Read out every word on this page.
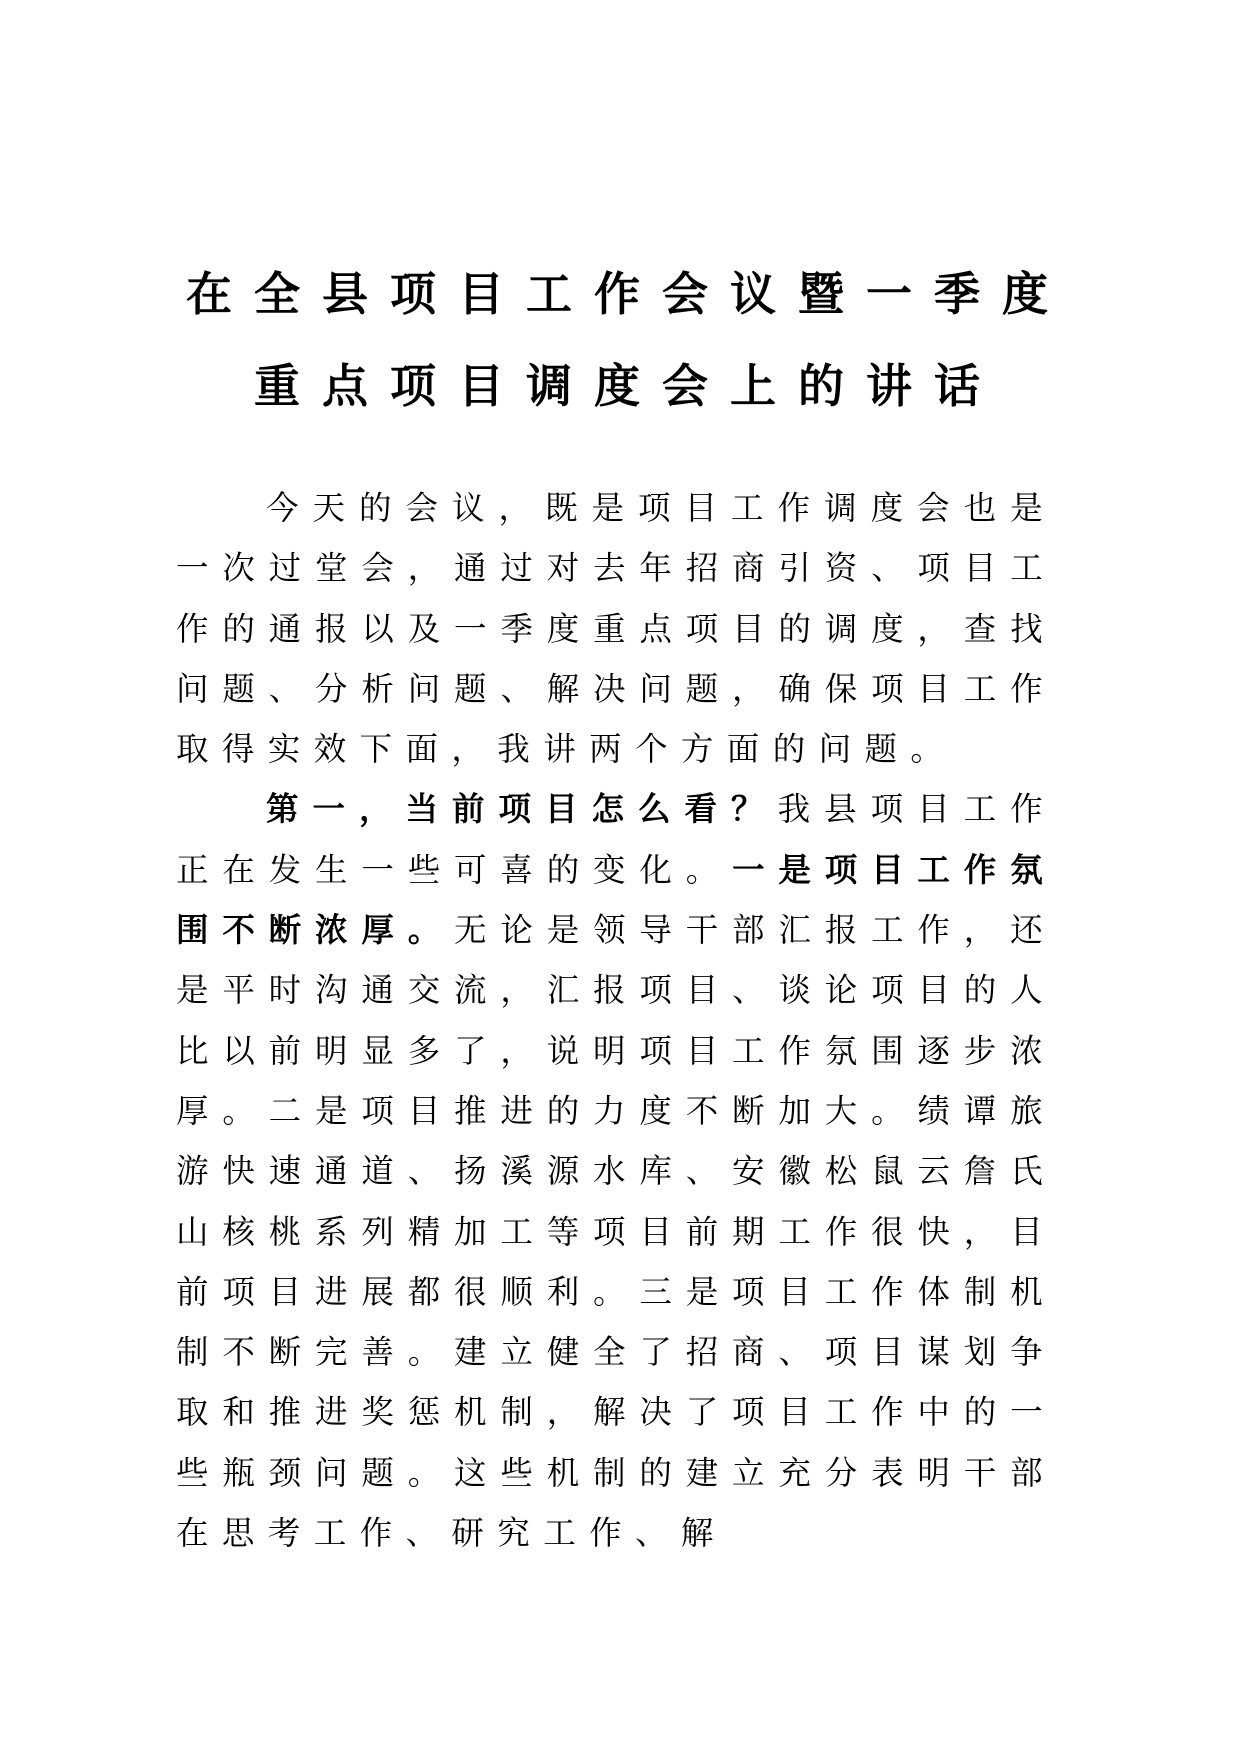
在全县项目工作会议暨一季度
重点项目调度会上的讲话

今天的会议，既是项目工作调度会也是一次过堂会，通过对去年招商引资、项目工作的通报以及一季度重点项目的调度，查找问题、分析问题、解决问题，确保项目工作取得实效下面，我讲两个方面的问题。

第一，当前项目怎么看？我县项目工作正在发生一些可喜的变化。一是项目工作氛围不断浓厚。无论是领导干部汇报工作，还是平时沟通交流，汇报项目、谈论项目的人比以前明显多了，说明项目工作氛围逐步浓厚。二是项目推进的力度不断加大。绩谭旅游快速通道、扬溪源水库、安徽松鼠云詹氏山核桃系列精加工等项目前期工作很快，目前项目进展都很顺利。三是项目工作体制机制不断完善。建立健全了招商、项目谋划争取和推进奖惩机制，解决了项目工作中的一些瓶颈问题。这些机制的建立充分表明干部在思考工作、研究工作、解
